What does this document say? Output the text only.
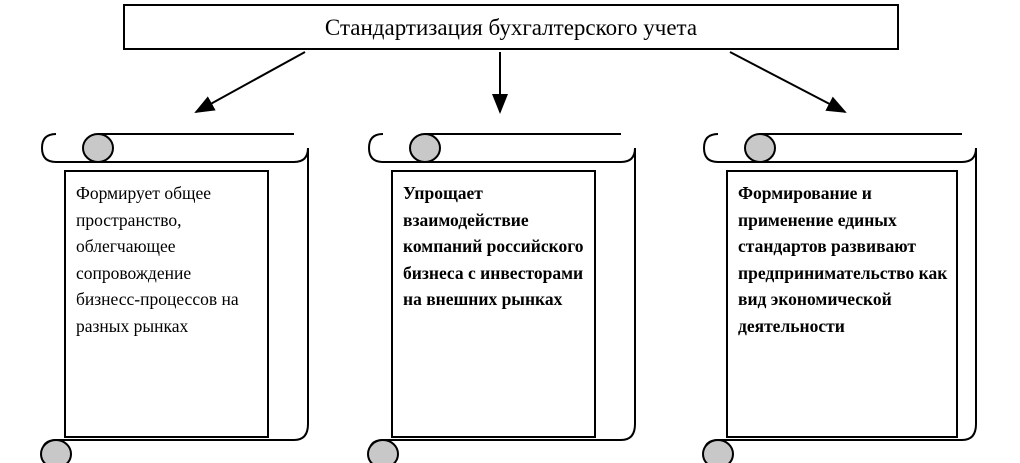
Стандартизация бухгалтерского учета
Формирует общее пространство, облегчающее сопровождение бизнесс-процессов на разных рынках
Упрощает взаимодействие компаний российского бизнеса с инвесторами на внешних рынках
Формирование и применение единых стандартов развивают предпринимательство как вид экономической деятельности
